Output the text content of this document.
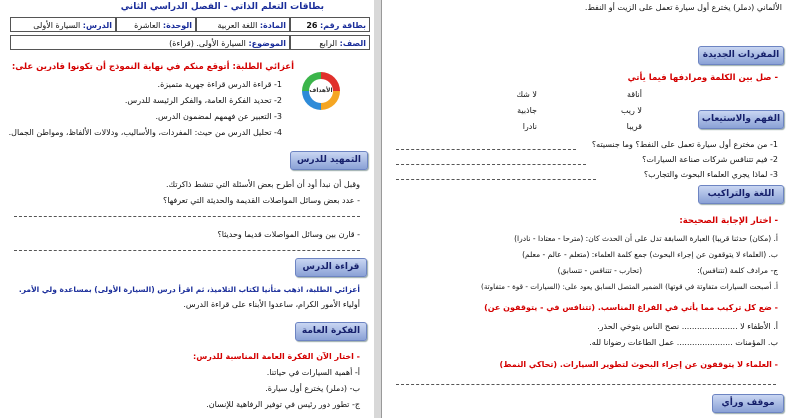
بطاقات التعلم الذاتي - الفصل الدراسي الثاني
بطاقة رقم: 26
المادة: اللغة العربية
الوحدة: العاشرة
الدرس: السيارة الأولى
الصف: الرابع
الموضوع: السيارة الأولى. (قراءة)
الأهداف
أعزائي الطلبة: أتوقع منكم في نهاية النموذج أن تكونوا قادرين على:
1- قراءة الدرس قراءة جهرية متميزة.
2- تحديد الفكرة العامة، والفكر الرئيسة للدرس.
3- التعبير عن فهمهم لمضمون الدرس.
4- تحليل الدرس من حيث: المفردات، والأساليب، ودلالات الألفاظ، ومواطن الجمال.
التمهيد للدرس
وقبل أن نبدأ أود أن أطرح بعض الأسئلة التي تنشط ذاكرتك.
- عدد بعض وسائل المواصلات القديمة والحديثة التي تعرفها؟
- قارن بين وسائل المواصلات قديما وحديثا؟
قراءة الدرس
أعزائي الطلبة، اذهب متأنيا لكتاب التلاميذ، ثم اقرأ درس (السيارة الأولى) بمساعدة ولي الأمر.
أولياء الأمور الكرام، ساعدوا الأبناء على قراءة الدرس.
الفكرة العامة
- اختار الآن الفكرة العامة المناسبة للدرس:
أ- أهمية السيارات في حياتنا.
ب- (دملر) يخترع أول سيارة.
ج- تطور دور رئيس في توفير الرفاهية للإنسان.
الألماني (دملر) يخترع أول سيارة تعمل على الزيت أو النفط.
المفردات الجديدة
- صل بين الكلمة ومرادفها فيما يأتي
أناقة
لا ريب
قريبا
لا شك
جاذبية
نادرا
الفهم والاستيعاب
1- من مخترع أول سيارة تعمل على النفط؟ وما جنسيته؟
2- فيم تتنافس شركات صناعة السيارات؟
3- لماذا يجري العلماء البحوث والتجارب؟
اللغة والتراكيب
- اختار الإجابة الصحيحة:
أ. (مكان) حدثنا قريبا) العبارة السابقة تدل على أن الحدث كان: (مترحا - معتادا - نادرا)
ب. (العلماء لا يتوقفون عن إجراء البحوث) جمع كلمة العلماء: (متعلم - عالم - معلم)
ج- مرادف كلمة (تتنافس):
(تحارب - تتنافس - تتسابق)
أ. أصبحت السيارات متفاوتة في قوتها) الضمير المتصل السابق يعود على: (السيارات - قوة - متفاوتة)
- ضع كل تركيب مما يأتي في الفراغ المناسب. (تتنافس في - يتوقفون عن)
أ. الأطفاء لا ...................... نصح الناس بتوخي الحذر.
ب. المؤمنات ...................... عمل الطاعات رضوانا لله.
- العلماء لا يتوقفون عن إجراء البحوث لتطوير السيارات. (تحاكي النمط)
موقف ورأي
